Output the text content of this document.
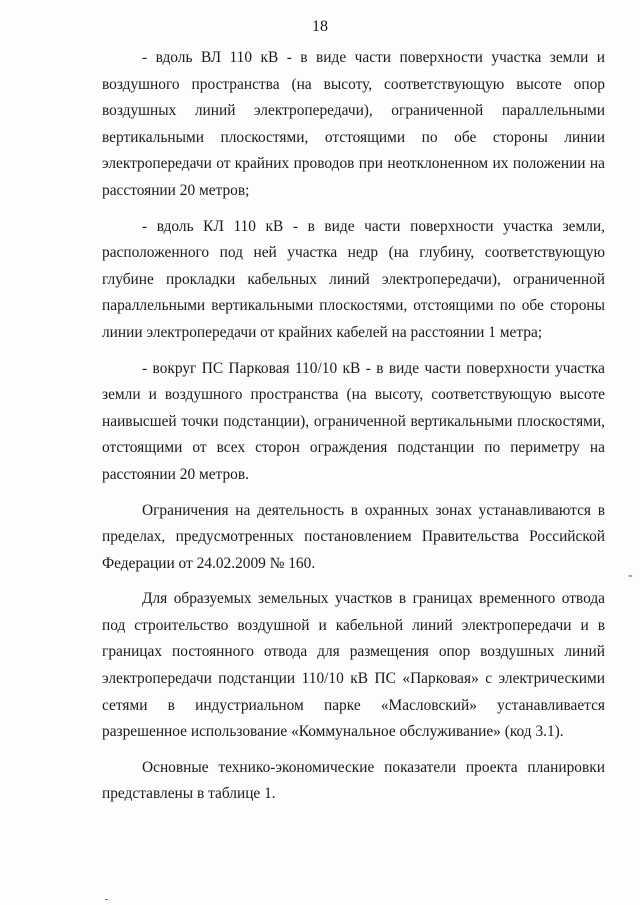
18

- вдоль ВЛ 110 кВ - в виде части поверхности участка земли и воздушного пространства (на высоту, соответствующую высоте опор воздушных линий электропередачи), ограниченной параллельными вертикальными плоскостями, отстоящими по обе стороны линии электропередачи от крайних проводов при неотклоненном их положении на расстоянии 20 метров;

- вдоль КЛ 110 кВ - в виде части поверхности участка земли, расположенного под ней участка недр (на глубину, соответствующую глубине прокладки кабельных линий электропередачи), ограниченной параллельными вертикальными плоскостями, отстоящими по обе стороны линии электропередачи от крайних кабелей на расстоянии 1 метра;

- вокруг ПС Парковая 110/10 кВ - в виде части поверхности участка земли и воздушного пространства (на высоту, соответствующую высоте наивысшей точки подстанции), ограниченной вертикальными плоскостями, отстоящими от всех сторон ограждения подстанции по периметру на расстоянии 20 метров.

Ограничения на деятельность в охранных зонах устанавливаются в пределах, предусмотренных постановлением Правительства Российской Федерации от 24.02.2009 № 160.

Для образуемых земельных участков в границах временного отвода под строительство воздушной и кабельной линий электропередачи и в границах постоянного отвода для размещения опор воздушных линий электропередачи подстанции 110/10 кВ ПС «Парковая» с электрическими сетями в индустриальном парке «Масловский» устанавливается разрешенное использование «Коммунальное обслуживание» (код 3.1).

Основные технико-экономические показатели проекта планировки представлены в таблице 1.

-
